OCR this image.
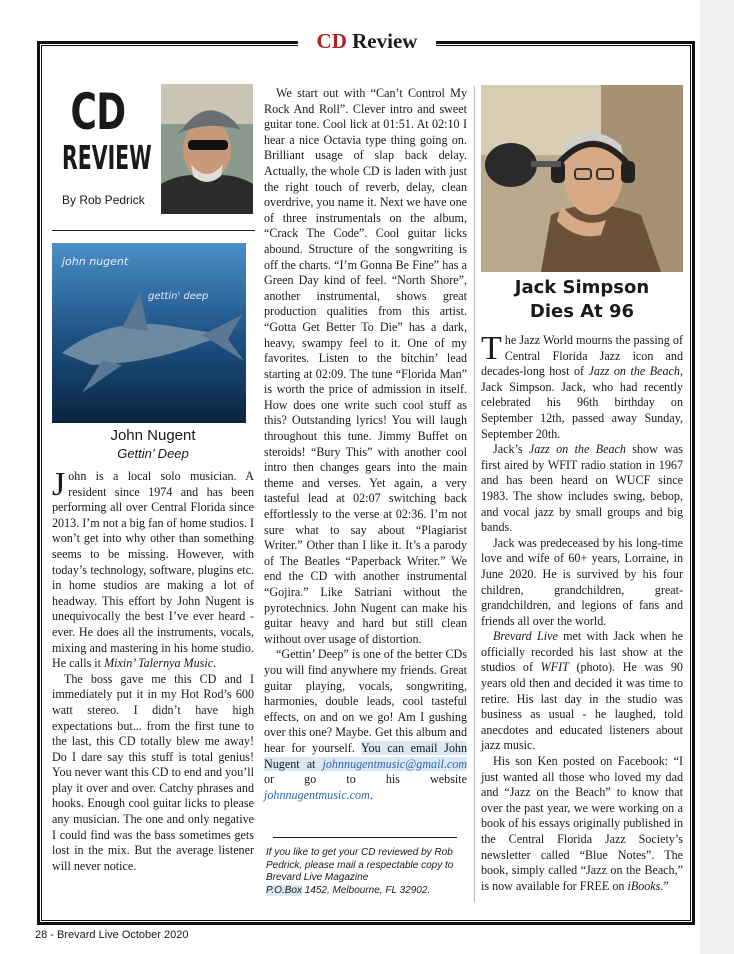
CD Review
CD
REVIEW
By Rob Pedrick
john nugent
gettin' deep
John Nugent
Gettin’ Deep

John is a local solo musician. A resident since 1974 and has been performing all over Central Florida since 2013. I’m not a big fan of home studios. I won’t get into why other than something seems to be missing. However, with today’s technology, software, plugins etc. in home studios are making a lot of headway. This effort by John Nugent is unequivocally the best I’ve ever heard - ever. He does all the instruments, vocals, mixing and mastering in his home studio. He calls it Mixin’ Talernya Music.

The boss gave me this CD and I immediately put it in my Hot Rod’s 600 watt stereo. I didn’t have high expectations but... from the first tune to the last, this CD totally blew me away! Do I dare say this stuff is total genius! You never want this CD to end and you’ll play it over and over. Catchy phrases and hooks. Enough cool guitar licks to please any musician. The one and only negative I could find was the bass sometimes gets lost in the mix. But the average listener will never notice.

We start out with “Can’t Control My Rock And Roll”. Clever intro and sweet guitar tone. Cool lick at 01:51. At 02:10 I hear a nice Octavia type thing going on. Brilliant usage of slap back delay. Actually, the whole CD is laden with just the right touch of reverb, delay, clean overdrive, you name it. Next we have one of three instrumentals on the album, “Crack The Code”. Cool guitar licks abound. Structure of the songwriting is off the charts. “I’m Gonna Be Fine” has a Green Day kind of feel. “North Shore”, another instrumental, shows great production qualities from this artist. “Gotta Get Better To Die” has a dark, heavy, swampy feel to it. One of my favorites. Listen to the bitchin’ lead starting at 02:09. The tune “Florida Man” is worth the price of admission in itself. How does one write such cool stuff as this? Outstanding lyrics! You will laugh throughout this tune. Jimmy Buffet on steroids! “Bury This” with another cool intro then changes gears into the main theme and verses. Yet again, a very tasteful lead at 02:07 switching back effortlessly to the verse at 02:36. I’m not sure what to say about “Plagiarist Writer.” Other than I like it. It’s a parody of The Beatles “Paperback Writer.” We end the CD with another instrumental “Gojira.” Like Satriani without the pyrotechnics. John Nugent can make his guitar heavy and hard but still clean without over usage of distortion.

“Gettin’ Deep” is one of the better CDs you will find anywhere my friends. Great guitar playing, vocals, songwriting, harmonies, double leads, cool tasteful effects, on and on we go! Am I gushing over this one? Maybe. Get this album and hear for yourself. You can email John Nugent at johnnugentmusic@gmail.com or go to his website johnnugentmusic.com.

If you like to get your CD reviewed by Rob Pedrick, please mail a respectable copy to Brevard Live Magazine
P.O.Box 1452, Melbourne, FL 32902.
Jack Simpson
Dies At 96

The Jazz World mourns the passing of Central Florida Jazz icon and decades-long host of Jazz on the Beach, Jack Simpson. Jack, who had recently celebrated his 96th birthday on September 12th, passed away Sunday, September 20th.

Jack’s Jazz on the Beach show was first aired by WFIT radio station in 1967 and has been heard on WUCF since 1983. The show includes swing, bebop, and vocal jazz by small groups and big bands.

Jack was predeceased by his long-time love and wife of 60+ years, Lorraine, in June 2020. He is survived by his four children, grandchildren, great-grandchildren, and legions of fans and friends all over the world.

Brevard Live met with Jack when he officially recorded his last show at the studios of WFIT (photo). He was 90 years old then and decided it was time to retire. His last day in the studio was business as usual - he laughed, told anecdotes and educated listeners about jazz music.

His son Ken posted on Facebook: “I just wanted all those who loved my dad and “Jazz on the Beach” to know that over the past year, we were working on a book of his essays originally published in the Central Florida Jazz Society’s newsletter called “Blue Notes”. The book, simply called “Jazz on the Beach,” is now available for FREE on iBooks.”

28 - Brevard Live October 2020
